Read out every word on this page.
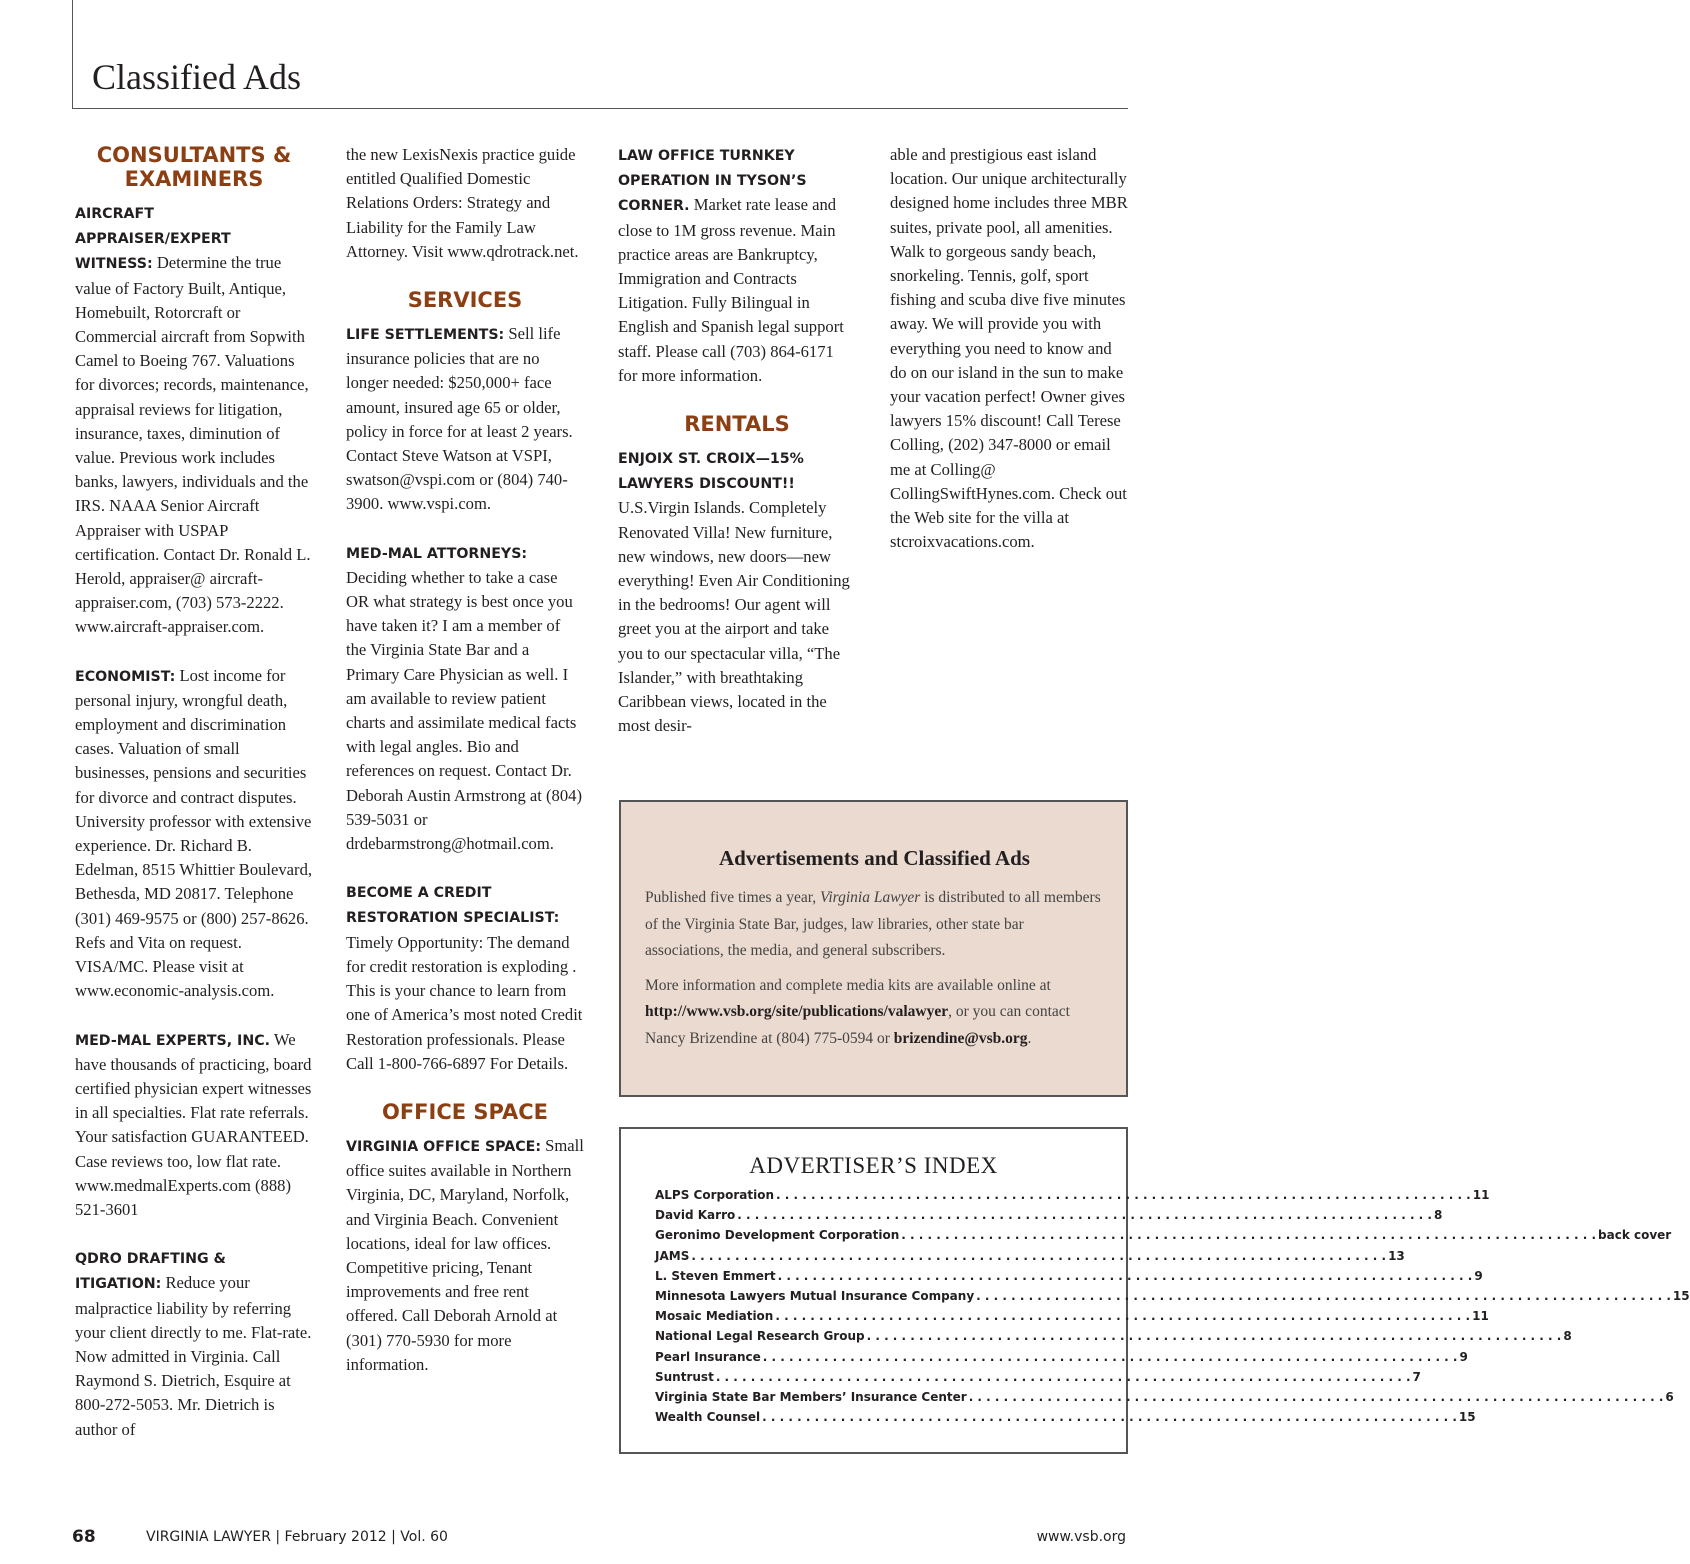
Classified Ads
CONSULTANTS & EXAMINERS
AIRCRAFT APPRAISER/EXPERT WITNESS: Determine the true value of Factory Built, Antique, Homebuilt, Rotorcraft or Commercial aircraft from Sopwith Camel to Boeing 767. Valuations for divorces; records, maintenance, appraisal reviews for litigation, insurance, taxes, diminution of value. Previous work includes banks, lawyers, individuals and the IRS. NAAA Senior Aircraft Appraiser with USPAP certification. Contact Dr. Ronald L. Herold, appraiser@ aircraft-appraiser.com, (703) 573-2222. www.aircraft-appraiser.com.
ECONOMIST: Lost income for personal injury, wrongful death, employment and discrimination cases. Valuation of small businesses, pensions and securities for divorce and contract disputes. University professor with extensive experience. Dr. Richard B. Edelman, 8515 Whittier Boulevard, Bethesda, MD 20817. Telephone (301) 469-9575 or (800) 257-8626. Refs and Vita on request. VISA/MC. Please visit at www.economic-analysis.com.
MED-MAL EXPERTS, INC. We have thousands of practicing, board certified physician expert witnesses in all specialties. Flat rate referrals. Your satisfaction GUARANTEED. Case reviews too, low flat rate. www.medmalExperts.com (888) 521-3601
QDRO DRAFTING & ITIGATION: Reduce your malpractice liability by referring your client directly to me. Flat-rate. Now admitted in Virginia. Call Raymond S. Dietrich, Esquire at 800-272-5053. Mr. Dietrich is author of
the new LexisNexis practice guide entitled Qualified Domestic Relations Orders: Strategy and Liability for the Family Law Attorney. Visit www.qdrotrack.net.
SERVICES
LIFE SETTLEMENTS: Sell life insurance policies that are no longer needed: $250,000+ face amount, insured age 65 or older, policy in force for at least 2 years. Contact Steve Watson at VSPI, swatson@vspi.com or (804) 740-3900. www.vspi.com.
MED-MAL ATTORNEYS: Deciding whether to take a case OR what strategy is best once you have taken it? I am a member of the Virginia State Bar and a Primary Care Physician as well. I am available to review patient charts and assimilate medical facts with legal angles. Bio and references on request. Contact Dr. Deborah Austin Armstrong at (804) 539-5031 or drdebarmstrong@hotmail.com.
BECOME A CREDIT RESTORATION SPECIALIST: Timely Opportunity: The demand for credit restoration is exploding . This is your chance to learn from one of America’s most noted Credit Restoration professionals. Please Call 1-800-766-6897 For Details.
OFFICE SPACE
VIRGINIA OFFICE SPACE: Small office suites available in Northern Virginia, DC, Maryland, Norfolk, and Virginia Beach. Convenient locations, ideal for law offices. Competitive pricing, Tenant improvements and free rent offered. Call Deborah Arnold at (301) 770-5930 for more information.
LAW OFFICE TURNKEY OPERATION IN TYSON’S CORNER. Market rate lease and close to 1M gross revenue. Main practice areas are Bankruptcy, Immigration and Contracts Litigation. Fully Bilingual in English and Spanish legal support staff. Please call (703) 864-6171 for more information.
RENTALS
ENJOIX ST. CROIX—15% LAWYERS DISCOUNT!! U.S.Virgin Islands. Completely Renovated Villa! New furniture, new windows, new doors—new everything! Even Air Conditioning in the bedrooms! Our agent will greet you at the airport and take you to our spectacular villa, “The Islander,” with breathtaking Caribbean views, located in the most desir-
able and prestigious east island location. Our unique architecturally designed home includes three MBR suites, private pool, all amenities. Walk to gorgeous sandy beach, snorkeling. Tennis, golf, sport fishing and scuba dive five minutes away. We will provide you with everything you need to know and do on our island in the sun to make your vacation perfect! Owner gives lawyers 15% discount! Call Terese Colling, (202) 347-8000 or email me at Colling@ CollingSwiftHynes.com. Check out the Web site for the villa at stcroixvacations.com.
Advertisements and Classified Ads

Published five times a year, Virginia Lawyer is distributed to all members of the Virginia State Bar, judges, law libraries, other state bar associations, the media, and general subscribers.

More information and complete media kits are available online at http://www.vsb.org/site/publications/valawyer, or you can contact Nancy Brizendine at (804) 775-0594 or brizendine@vsb.org.

ADVERTISER’S INDEX
ALPS Corporation . . . . . . . . . . . . . . . . . . . . . . . . . . . . . . . . . . . . . . . . . . . . . . . . . . . . . . . . . . . . . . . . . . . . . . . . . . . . . . . . 11
David Karro . . . . . . . . . . . . . . . . . . . . . . . . . . . . . . . . . . . . . . . . . . . . . . . . . . . . . . . . . . . . . . . . . . . . . . . . . . . . . . . . 8
Geronimo Development Corporation . . . . . . . . . . . . . . . . . . . . . . . . . . . . . . . . . . . . . . . . . . . . . . . . . . . . . . . . . . . . . . . . . . . . . . . . . . . . . . . . back cover
JAMS . . . . . . . . . . . . . . . . . . . . . . . . . . . . . . . . . . . . . . . . . . . . . . . . . . . . . . . . . . . . . . . . . . . . . . . . . . . . . . . . 13
L. Steven Emmert . . . . . . . . . . . . . . . . . . . . . . . . . . . . . . . . . . . . . . . . . . . . . . . . . . . . . . . . . . . . . . . . . . . . . . . . . . . . . . . . 9
Minnesota Lawyers Mutual Insurance Company . . . . . . . . . . . . . . . . . . . . . . . . . . . . . . . . . . . . . . . . . . . . . . . . . . . . . . . . . . . . . . . . . . . . . . . . . . . . . . . . 15
Mosaic Mediation . . . . . . . . . . . . . . . . . . . . . . . . . . . . . . . . . . . . . . . . . . . . . . . . . . . . . . . . . . . . . . . . . . . . . . . . . . . . . . . . 11
National Legal Research Group . . . . . . . . . . . . . . . . . . . . . . . . . . . . . . . . . . . . . . . . . . . . . . . . . . . . . . . . . . . . . . . . . . . . . . . . . . . . . . . . 8
Pearl Insurance . . . . . . . . . . . . . . . . . . . . . . . . . . . . . . . . . . . . . . . . . . . . . . . . . . . . . . . . . . . . . . . . . . . . . . . . . . . . . . . . 9
Suntrust . . . . . . . . . . . . . . . . . . . . . . . . . . . . . . . . . . . . . . . . . . . . . . . . . . . . . . . . . . . . . . . . . . . . . . . . . . . . . . . . 7
Virginia State Bar Members’ Insurance Center . . . . . . . . . . . . . . . . . . . . . . . . . . . . . . . . . . . . . . . . . . . . . . . . . . . . . . . . . . . . . . . . . . . . . . . . . . . . . . . . 6
Wealth Counsel . . . . . . . . . . . . . . . . . . . . . . . . . . . . . . . . . . . . . . . . . . . . . . . . . . . . . . . . . . . . . . . . . . . . . . . . . . . . . . . . 15
68	VIRGINIA LAWYER | February 2012 | Vol. 60	www.vsb.org
